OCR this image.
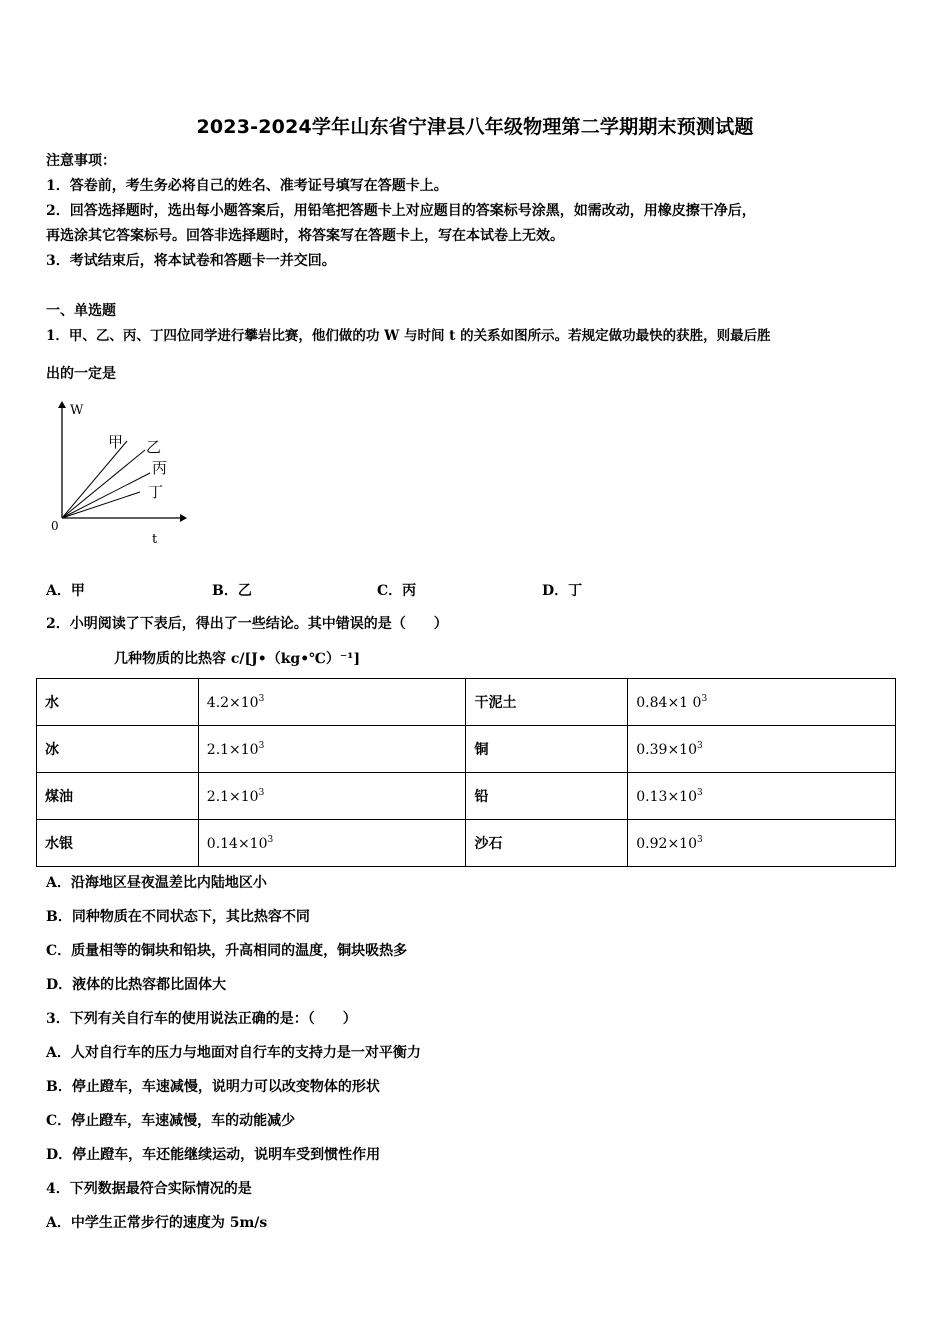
2023-2024学年山东省宁津县八年级物理第二学期期末预测试题
注意事项：
1．答卷前，考生务必将自己的姓名、准考证号填写在答题卡上。
2．回答选择题时，选出每小题答案后，用铅笔把答题卡上对应题目的答案标号涂黑，如需改动，用橡皮擦干净后，
再选涂其它答案标号。回答非选择题时，将答案写在答题卡上，写在本试卷上无效。
3．考试结束后，将本试卷和答题卡一并交回。
一、单选题
1．甲、乙、丙、丁四位同学进行攀岩比赛，他们做的功 W 与时间 t 的关系如图所示。若规定做功最快的获胜，则最后胜
出的一定是
W
t
0
甲 乙
丙
丁
A．甲	B．乙	C．丙	D．丁
2．小明阅读了下表后，得出了一些结论。其中错误的是（　　）
几种物质的比热容 c/[J•（kg•℃）⁻¹]
水	$4.2\times 10^3$	干泥土	0.84×1 $0^3$
冰	$2.1\times 10^3$	铜	$0.39\times 10^3$
煤油	$2.1\times 10^3$	铅	$0.13\times 10^3$
水银	$0.14\times 10^3$	沙石	$0.92\times 10^3$
A．沿海地区昼夜温差比内陆地区小
B．同种物质在不同状态下，其比热容不同
C．质量相等的铜块和铅块，升高相同的温度，铜块吸热多
D．液体的比热容都比固体大
3．下列有关自行车的使用说法正确的是：（　　）
A．人对自行车的压力与地面对自行车的支持力是一对平衡力
B．停止蹬车，车速减慢，说明力可以改变物体的形状
C．停止蹬车，车速减慢，车的动能减少
D．停止蹬车，车还能继续运动，说明车受到惯性作用
4．下列数据最符合实际情况的是
A．中学生正常步行的速度为 5m/s
